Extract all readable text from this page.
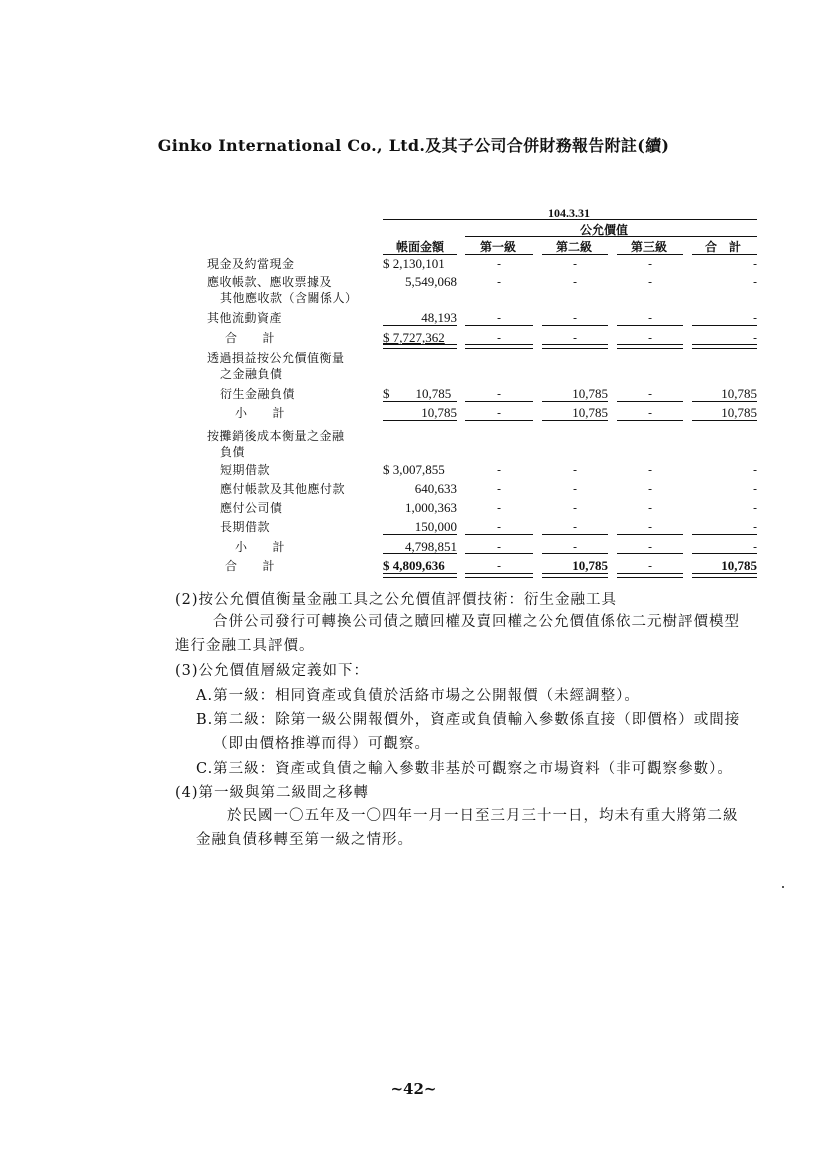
Ginko International Co., Ltd.及其子公司合併財務報告附註(續)
104.3.31
公允價值
帳面金額	第一級	第二級	第三級	合　計
現金及約當現金	$ 2,130,101	-	-	-	-
應收帳款、應收票據及
其他應收款（含關係人）
5,549,068	-	-	-	-
其他流動資產	48,193	-	-	-	-
合　　計	$ 7,727,362	-	-	-	-
透過損益按公允價值衡量
之金融負債
衍生金融負債	$　　10,785	-	10,785	-	10,785
小　　計	10,785	-	10,785	-	10,785
按攤銷後成本衡量之金融
負債
短期借款	$ 3,007,855	-	-	-	-
應付帳款及其他應付款	640,633	-	-	-	-
應付公司債	1,000,363	-	-	-	-
長期借款	150,000	-	-	-	-
小　　計	4,798,851	-	-	-	-
合　　計	$ 4,809,636	-	10,785	-	10,785
(2)按公允價值衡量金融工具之公允價值評價技術：衍生金融工具
合併公司發行可轉換公司債之贖回權及賣回權之公允價值係依二元樹評價模型
進行金融工具評價。
(3)公允價值層級定義如下：
A.第一級：相同資產或負債於活絡市場之公開報價（未經調整）。
B.第二級：除第一級公開報價外，資產或負債輸入參數係直接（即價格）或間接
（即由價格推導而得）可觀察。
C.第三級：資產或負債之輸入參數非基於可觀察之市場資料（非可觀察參數）。
(4)第一級與第二級間之移轉
於民國一〇五年及一〇四年一月一日至三月三十一日，均未有重大將第二級
金融負債移轉至第一級之情形。
~42~
